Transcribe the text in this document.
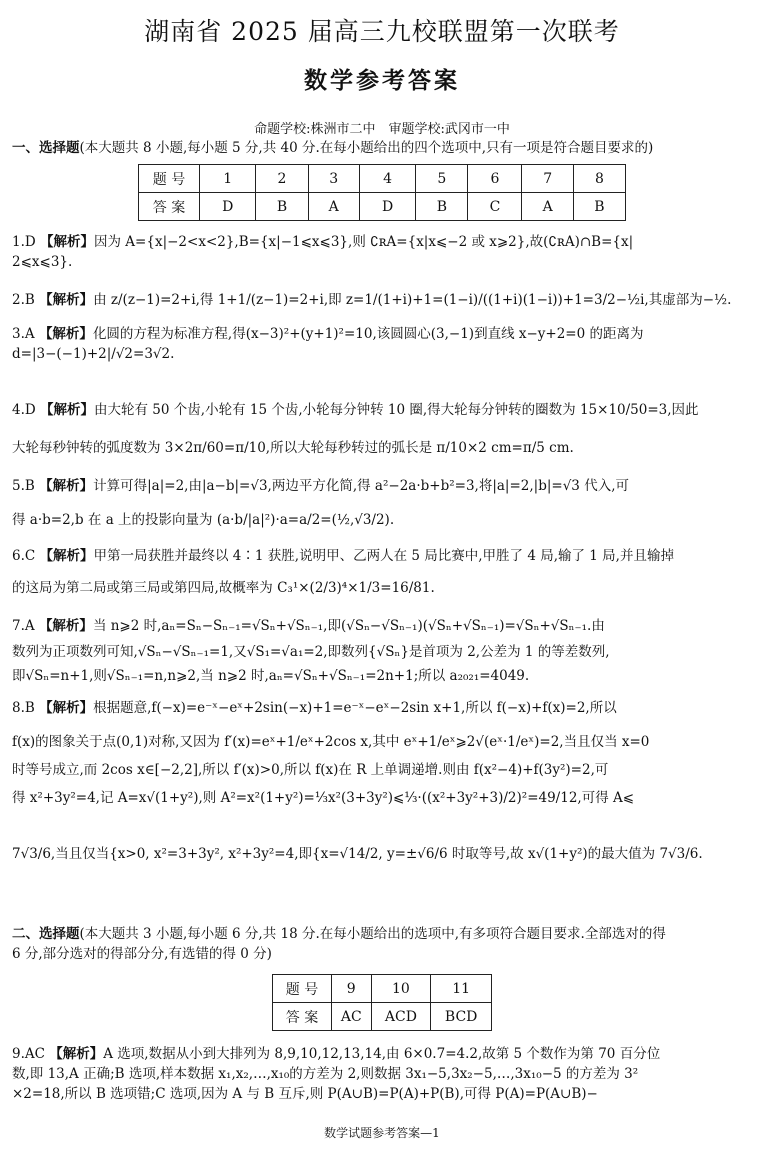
湖南省 2025 届高三九校联盟第一次联考
数学参考答案
命题学校:株洲市二中　审题学校:武冈市一中
一、选择题(本大题共 8 小题,每小题 5 分,共 40 分.在每小题给出的四个选项中,只有一项是符合题目要求的)
题 号	1	2	3	4	5	6	7	8
答 案	D	B	A	D	B	C	A	B
1.D 【解析】因为 A={x|−2<x<2},B={x|−1⩽x⩽3},则 ∁ʀA={x|x⩽−2 或 x⩾2},故(∁ʀA)∩B={x|
2⩽x⩽3}.
2.B 【解析】由 z/(z−1)=2+i,得 1+1/(z−1)=2+i,即 z=1/(1+i)+1=(1−i)/((1+i)(1−i))+1=3/2−½i,其虚部为−½.
3.A 【解析】化圆的方程为标准方程,得(x−3)²+(y+1)²=10,该圆圆心(3,−1)到直线 x−y+2=0 的距离为
d=|3−(−1)+2|/√2=3√2.
4.D 【解析】由大轮有 50 个齿,小轮有 15 个齿,小轮每分钟转 10 圈,得大轮每分钟转的圈数为 15×10/50=3,因此

大轮每秒钟转的弧度数为 3×2π/60=π/10,所以大轮每秒转过的弧长是 π/10×2 cm=π/5 cm.
5.B 【解析】计算可得|a|=2,由|a−b|=√3,两边平方化简,得 a²−2a·b+b²=3,将|a|=2,|b|=√3 代入,可

得 a·b=2,b 在 a 上的投影向量为 (a·b/|a|²)·a=a/2=(½,√3/2).
6.C 【解析】甲第一局获胜并最终以 4∶1 获胜,说明甲、乙两人在 5 局比赛中,甲胜了 4 局,输了 1 局,并且输掉

的这局为第二局或第三局或第四局,故概率为 C₃¹×(2/3)⁴×1/3=16/81.
7.A 【解析】当 n⩾2 时,aₙ=Sₙ−Sₙ₋₁=√Sₙ+√Sₙ₋₁,即(√Sₙ−√Sₙ₋₁)(√Sₙ+√Sₙ₋₁)=√Sₙ+√Sₙ₋₁.由

数列为正项数列可知,√Sₙ−√Sₙ₋₁=1,又√S₁=√a₁=2,即数列{√Sₙ}是首项为 2,公差为 1 的等差数列,

即√Sₙ=n+1,则√Sₙ₋₁=n,n⩾2,当 n⩾2 时,aₙ=√Sₙ+√Sₙ₋₁=2n+1;所以 a₂₀₂₁=4049.
8.B 【解析】根据题意,f(−x)=e⁻ˣ−eˣ+2sin(−x)+1=e⁻ˣ−eˣ−2sin x+1,所以 f(−x)+f(x)=2,所以

f(x)的图象关于点(0,1)对称,又因为 f′(x)=eˣ+1/eˣ+2cos x,其中 eˣ+1/eˣ⩾2√(eˣ·1/eˣ)=2,当且仅当 x=0

时等号成立,而 2cos x∈[−2,2],所以 f′(x)>0,所以 f(x)在 R 上单调递增.则由 f(x²−4)+f(3y²)=2,可

得 x²+3y²=4,记 A=x√(1+y²),则 A²=x²(1+y²)=⅓x²(3+3y²)⩽⅓·((x²+3y²+3)/2)²=49/12,可得 A⩽

7√3/6,当且仅当{x>0, x²=3+3y², x²+3y²=4,即{x=√14/2, y=±√6/6 时取等号,故 x√(1+y²)的最大值为 7√3/6.
二、选择题(本大题共 3 小题,每小题 6 分,共 18 分.在每小题给出的选项中,有多项符合题目要求.全部选对的得
6 分,部分选对的得部分分,有选错的得 0 分)
题 号	9	10	11
答 案	AC	ACD	BCD
9.AC 【解析】A 选项,数据从小到大排列为 8,9,10,12,13,14,由 6×0.7=4.2,故第 5 个数作为第 70 百分位
数,即 13,A 正确;B 选项,样本数据 x₁,x₂,…,x₁₀的方差为 2,则数据 3x₁−5,3x₂−5,…,3x₁₀−5 的方差为 3²
×2=18,所以 B 选项错;C 选项,因为 A 与 B 互斥,则 P(A∪B)=P(A)+P(B),可得 P(A)=P(A∪B)−
数学试题参考答案—1
